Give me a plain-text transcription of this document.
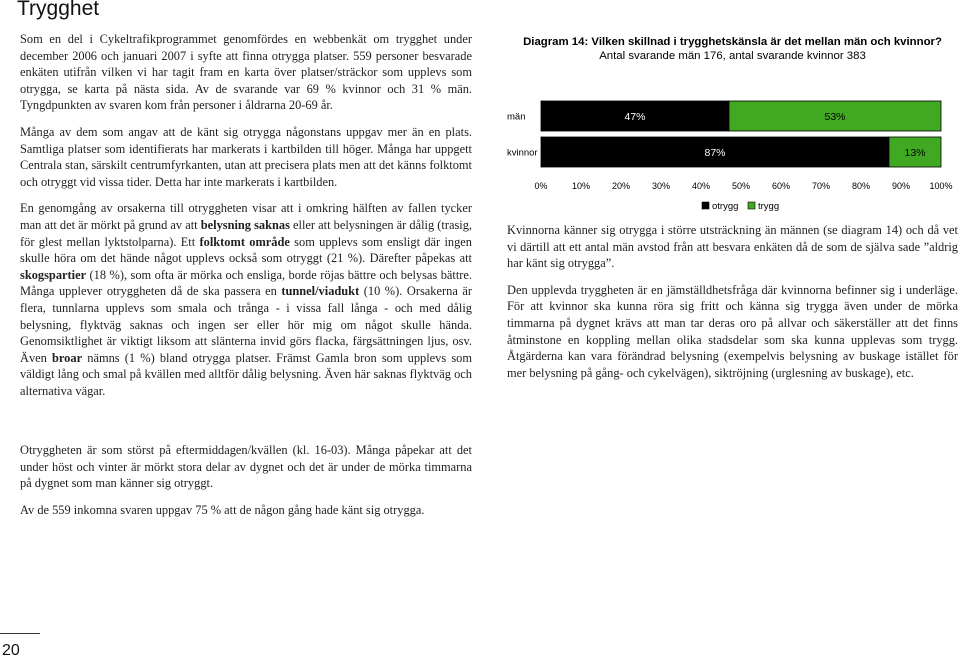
Trygghet

Som en del i Cykeltrafikprogrammet genomfördes en webbenkät om trygghet under december 2006 och januari 2007 i syfte att finna otrygga platser. 559 personer besvarade enkäten utifrån vilken vi har tagit fram en karta över platser/sträckor som upplevs som otrygga, se karta på nästa sida. Av de svarande var 69 % kvinnor och 31 % män. Tyngdpunkten av svaren kom från personer i åldrarna 20-69 år.

Många av dem som angav att de känt sig otrygga någonstans uppgav mer än en plats. Samtliga platser som identifierats har markerats i kartbilden till höger. Många har uppgett Centrala stan, särskilt centrumfyrkanten, utan att precisera plats men att det känns folktomt och otryggt vid vissa tider. Detta har inte markerats i kartbilden.

En genomgång av orsakerna till otryggheten visar att i omkring hälften av fallen tycker man att det är mörkt på grund av att belysning saknas eller att belysningen är dålig (trasig, för glest mellan lyktstolparna). Ett folktomt område som upplevs som ensligt där ingen skulle höra om det hände något upplevs också som otryggt (21 %). Därefter påpekas att skogspartier (18 %), som ofta är mörka och ensliga, borde röjas bättre och belysas bättre. Många upplever otryggheten då de ska passera en tunnel/viadukt (10 %). Orsakerna är flera, tunnlarna upplevs som smala och trånga - i vissa fall långa - och med dålig belysning, flyktväg saknas och ingen ser eller hör mig om något skulle hända. Genomsiktlighet är viktigt liksom att slänterna invid görs flacka, färgsättningen ljus, osv. Även broar nämns (1 %) bland otrygga platser. Främst Gamla bron som upplevs som väldigt lång och smal på kvällen med alltför dålig belysning. Även här saknas flyktväg och alternativa vägar.

Otryggheten är som störst på eftermiddagen/kvällen (kl. 16-03). Många påpekar att det under höst och vinter är mörkt stora delar av dygnet och det är under de mörka timmarna på dygnet som man känner sig otryggt.

Av de 559 inkomna svaren uppgav 75 % att de någon gång hade känt sig otrygga.

Diagram 14: Vilken skillnad i trygghetskänsla är det mellan män och kvinnor?
Antal svarande män 176, antal svarande kvinnor 383
män	47%	53%
kvinnor	87%	13%
0%	10% 20% 30% 40% 50% 60% 70% 80% 90% 100%
otrygg trygg

Kvinnorna känner sig otrygga i större utsträckning än männen (se diagram 14) och då vet vi därtill att ett antal män avstod från att besvara enkäten då de som de själva sade ”aldrig har känt sig otrygga”.

Den upplevda tryggheten är en jämställdhetsfråga där kvinnorna befinner sig i underläge. För att kvinnor ska kunna röra sig fritt och känna sig trygga även under de mörka timmarna på dygnet krävs att man tar deras oro på allvar och säkerställer att det finns åtminstone en koppling mellan olika stadsdelar som ska kunna upplevas som trygg. Åtgärderna kan vara förändrad belysning (exempelvis belysning av buskage istället för mer belysning på gång- och cykelvägen), siktröjning (urglesning av buskage), etc.

20
